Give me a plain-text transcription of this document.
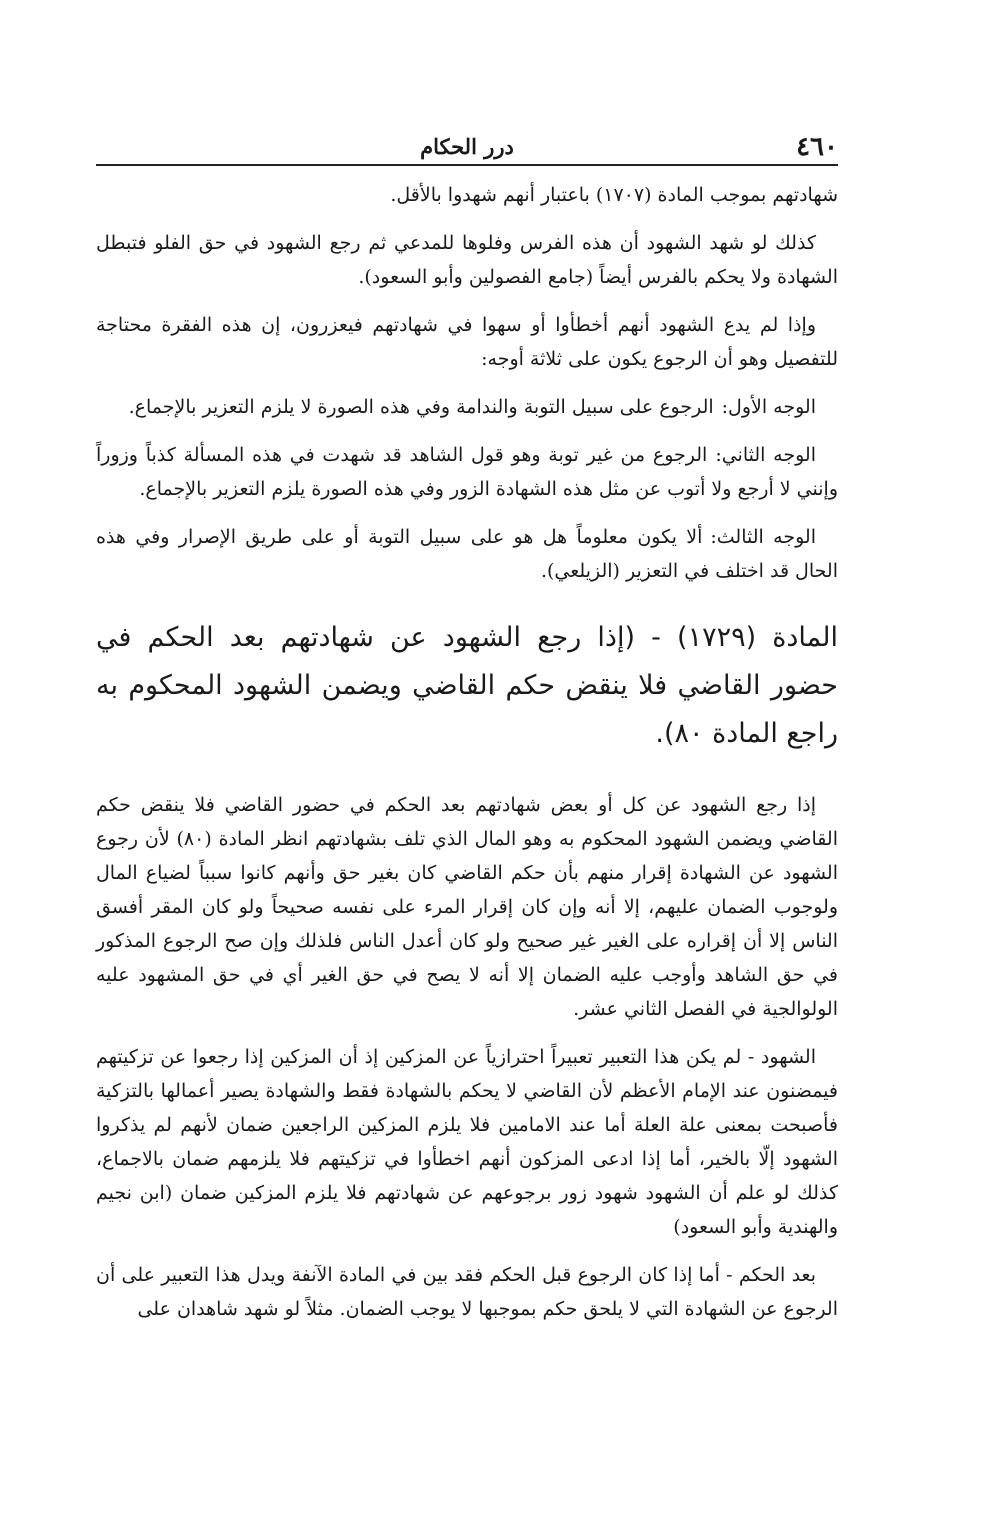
٤٦٠
درر الحكام

شهادتهم بموجب المادة (١٧٠٧) باعتبار أنهم شهدوا بالأقل.

كذلك لو شهد الشهود أن هذه الفرس وفلوها للمدعي ثم رجع الشهود في حق الفلو فتبطل الشهادة ولا يحكم بالفرس أيضاً (جامع الفصولين وأبو السعود).

وإذا لم يدع الشهود أنهم أخطأوا أو سهوا في شهادتهم فيعزرون، إن هذه الفقرة محتاجة للتفصيل وهو أن الرجوع يكون على ثلاثة أوجه:

الوجه الأول:الرجوع على سبيل التوبة والندامة وفي هذه الصورة لا يلزم التعزير بالإجماع.

الوجه الثاني:الرجوع من غير توبة وهو قول الشاهد قد شهدت في هذه المسألة كذباً وزوراً وإنني لا أرجع ولا أتوب عن مثل هذه الشهادة الزور وفي هذه الصورة يلزم التعزير بالإجماع.

الوجه الثالث:ألا يكون معلوماً هل هو على سبيل التوبة أو على طريق الإصرار وفي هذه الحال قد اختلف في التعزير (الزيلعي).

المادة (١٧٢٩) - (إذا رجع الشهود عن شهادتهم بعد الحكم في حضور القاضي فلا ينقض حكم القاضي ويضمن الشهود المحكوم به راجع المادة ٨٠).

إذا رجع الشهود عن كل أو بعض شهادتهم بعد الحكم في حضور القاضي فلا ينقض حكم القاضي ويضمن الشهود المحكوم به وهو المال الذي تلف بشهادتهم انظر المادة (٨٠) لأن رجوع الشهود عن الشهادة إقرار منهم بأن حكم القاضي كان بغير حق وأنهم كانوا سبباً لضياع المال ولوجوب الضمان عليهم، إلا أنه وإن كان إقرار المرء على نفسه صحيحاً ولو كان المقر أفسق الناس إلا أن إقراره على الغير غير صحيح ولو كان أعدل الناس فلذلك وإن صح الرجوع المذكور في حق الشاهد وأوجب عليه الضمان إلا أنه لا يصح في حق الغير أي في حق المشهود عليه الولوالجية في الفصل الثاني عشر.

الشهود - لم يكن هذا التعبير تعبيراً احترازياً عن المزكين إذ أن المزكين إذا رجعوا عن تزكيتهم فيمضنون عند الإمام الأعظم لأن القاضي لا يحكم بالشهادة فقط والشهادة يصير أعمالها بالتزكية فأصبحت بمعنى علة العلة أما عند الامامين فلا يلزم المزكين الراجعين ضمان لأنهم لم يذكروا الشهود إلّا بالخير، أما إذا ادعى المزكون أنهم اخطأوا في تزكيتهم فلا يلزمهم ضمان بالاجماع، كذلك لو علم أن الشهود شهود زور برجوعهم عن شهادتهم فلا يلزم المزكين ضمان (ابن نجيم والهندية وأبو السعود)

بعد الحكم - أما إذا كان الرجوع قبل الحكم فقد بين في المادة الآنفة ويدل هذا التعبير على أن الرجوع عن الشهادة التي لا يلحق حكم بموجبها لا يوجب الضمان. مثلاً لو شهد شاهدان على
